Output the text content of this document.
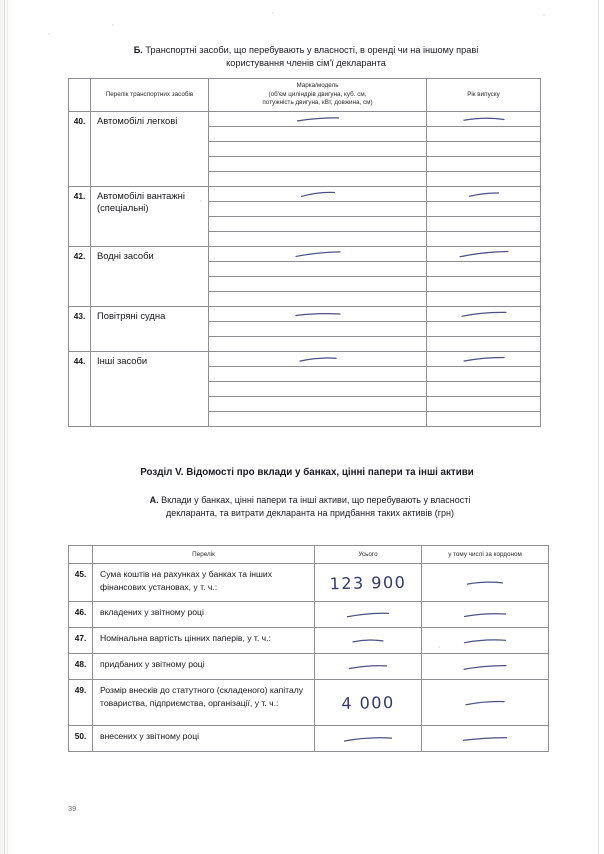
Б. Транспортні засоби, що перебувають у власності, в оренді чи на іншому праві
користування членів сім'ї декларанта
	Перелік транспортних засобів	Марка/модель
(об'єм циліндрів двигуна, куб. см,
потужність двигуна, кВт, довжина, см)	Рік випуску
40.	Автомобілі легкові	

41.	Автомобілі вантажні (спеціальні)	

42.	Водні засоби	

43.	Повітряні судна	

44.	Інші засоби	

Розділ V. Відомості про вклади у банках, цінні папери та інші активи
А. Вклади у банках, цінні папери та інші активи, що перебувають у власності
декларанта, та витрати декларанта на придбання таких активів (грн)
	Перелік	Усього	у тому числі за кордоном
45.	Сума коштів на рахунках у банках та інших фінансових установах, у т. ч.:	123 900

46.	вкладених у звітному році	

47.	Номінальна вартість цінних паперів, у т. ч.:	

48.	придбаних у звітному році	

49.	Розмір внесків до статутного (складеного) капіталу товариства, підприємства, організації, у т. ч.:	4 000

50.	внесених у звітному році	

39
